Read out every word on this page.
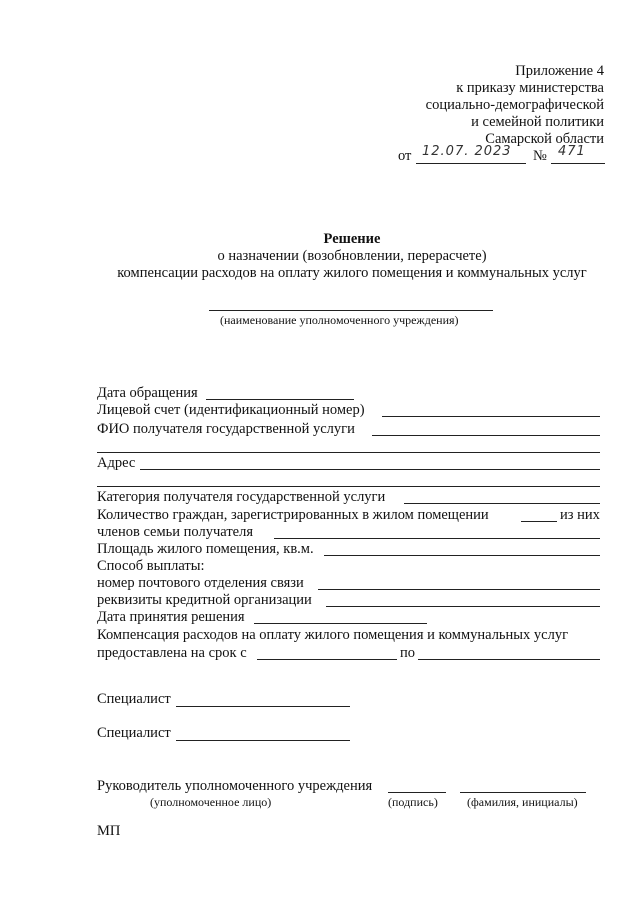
Приложение 4
к приказу министерства
социально-демографической
и семейной политики
Самарской области
от 12.07. 2023 № 471
Решение
о назначении (возобновлении, перерасчете)
компенсации расходов на оплату жилого помещения и коммунальных услуг
(наименование уполномоченного учреждения)
Дата обращения
Лицевой счет (идентификационный номер)
ФИО получателя государственной услуги
Адрес
Категория получателя государственной услуги
Количество граждан, зарегистрированных в жилом помещении	из них
членов семьи получателя
Площадь жилого помещения, кв.м.
Способ выплаты:
номер почтового отделения связи
реквизиты кредитной организации
Дата принятия решения
Компенсация расходов на оплату жилого помещения и коммунальных услуг
предоставлена на срок с	по
Специалист
Специалист
Руководитель уполномоченного учреждения
(уполномоченное лицо)	(подпись) (фамилия, инициалы)
МП
